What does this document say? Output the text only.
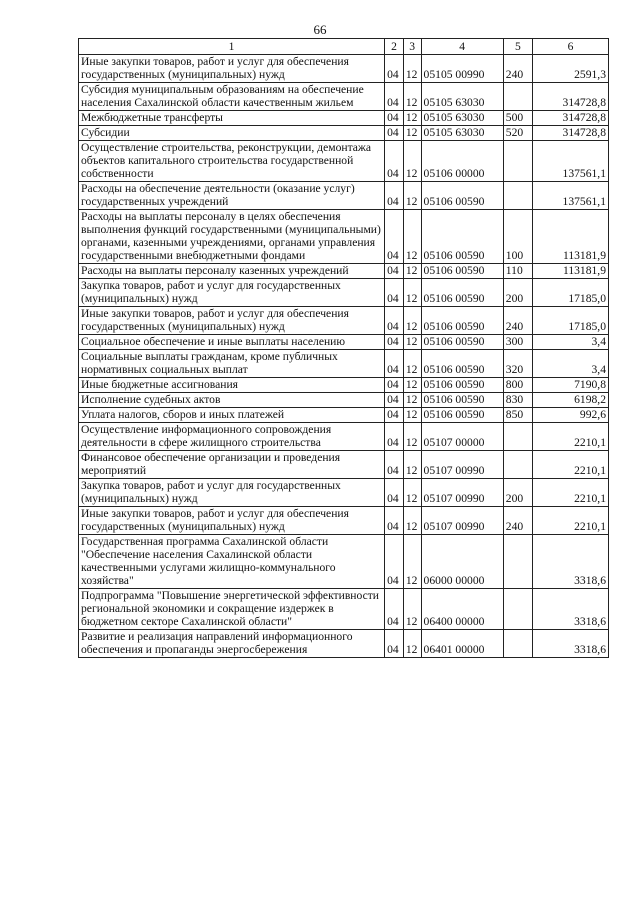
66
1	2	3	4	5	6
Иные закупки товаров, работ и услуг для обеспечения государственных (муниципальных) нужд	04	12	05105 00990	240	2591,3
Субсидия муниципальным образованиям на обеспечение населения Сахалинской области качественным жильем	04	12	05105 63030		314728,8
Межбюджетные трансферты	04	12	05105 63030	500	314728,8
Субсидии	04	12	05105 63030	520	314728,8
Осуществление строительства, реконструкции, демонтажа объектов капитального строительства государственной собственности	04	12	05106 00000		137561,1
Расходы на обеспечение деятельности (оказание услуг) государственных учреждений	04	12	05106 00590		137561,1
Расходы на выплаты персоналу в целях обеспечения выполнения функций государственными (муниципальными) органами, казенными учреждениями, органами управления государственными внебюджетными фондами	04	12	05106 00590	100	113181,9
Расходы на выплаты персоналу казенных учреждений	04	12	05106 00590	110	113181,9
Закупка товаров, работ и услуг для государственных (муниципальных) нужд	04	12	05106 00590	200	17185,0
Иные закупки товаров, работ и услуг для обеспечения государственных (муниципальных) нужд	04	12	05106 00590	240	17185,0
Социальное обеспечение и иные выплаты населению	04	12	05106 00590	300	3,4
Социальные выплаты гражданам, кроме публичных нормативных социальных выплат	04	12	05106 00590	320	3,4
Иные бюджетные ассигнования	04	12	05106 00590	800	7190,8
Исполнение судебных актов	04	12	05106 00590	830	6198,2
Уплата налогов, сборов и иных платежей	04	12	05106 00590	850	992,6
Осуществление информационного сопровождения деятельности в сфере жилищного строительства	04	12	05107 00000		2210,1
Финансовое обеспечение организации и проведения мероприятий	04	12	05107 00990		2210,1
Закупка товаров, работ и услуг для государственных (муниципальных) нужд	04	12	05107 00990	200	2210,1
Иные закупки товаров, работ и услуг для обеспечения государственных (муниципальных) нужд	04	12	05107 00990	240	2210,1
Государственная программа Сахалинской области "Обеспечение населения Сахалинской области качественными услугами жилищно-коммунального хозяйства"	04	12	06000 00000		3318,6
Подпрограмма "Повышение энергетической эффективности региональной экономики и сокращение издержек в бюджетном секторе Сахалинской области"	04	12	06400 00000		3318,6
Развитие и реализация направлений информационного обеспечения и пропаганды энергосбережения	04	12	06401 00000		3318,6
